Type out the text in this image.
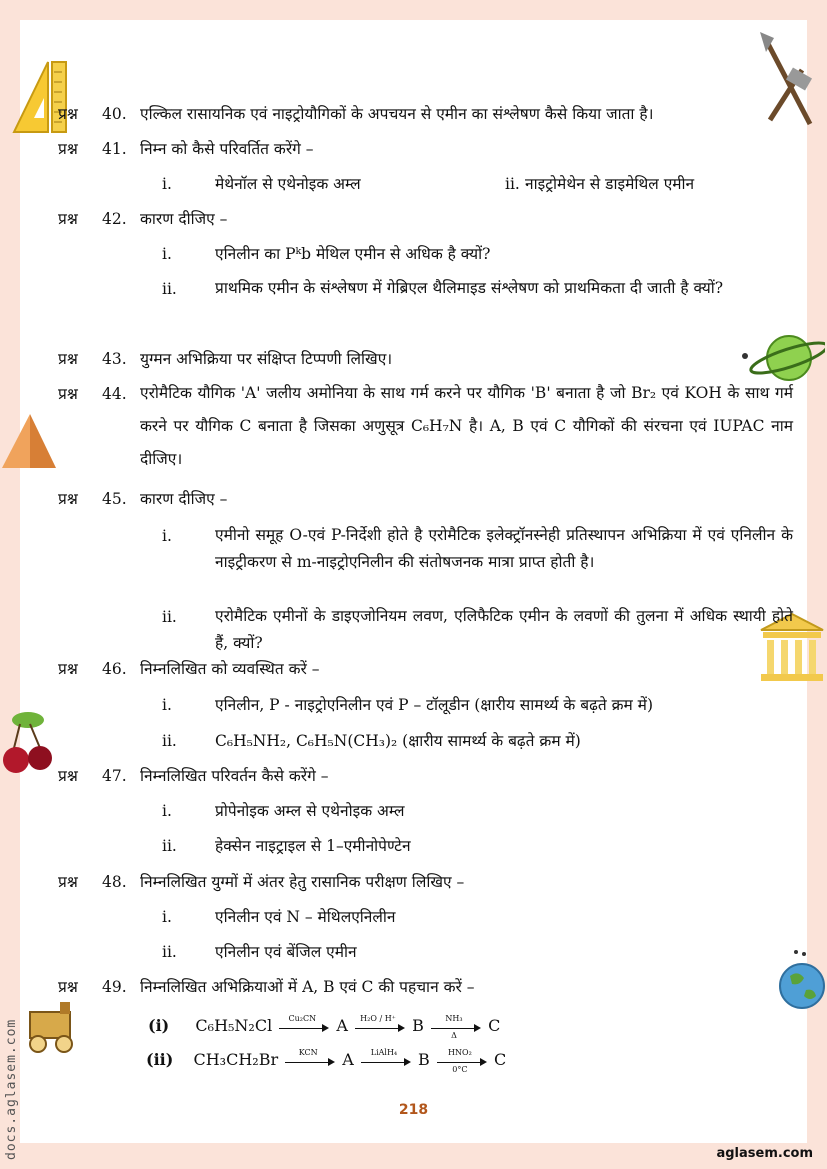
docs.aglasem.com
प्रश्न 40. एल्किल रासायनिक एवं नाइट्रोयौगिकों के अपचयन से एमीन का संश्लेषण कैसे किया जाता है।
प्रश्न 41. निम्न को कैसे परिवर्तित करेंगे –
i.	मेथेनॉल से एथेनोइक अम्ल	ii. नाइट्रोमेथेन से डाइमेथिल एमीन
प्रश्न 42. कारण दीजिए –
i.	एनिलीन का Pᵏb मेथिल एमीन से अधिक है क्यों?
ii. प्राथमिक एमीन के संश्लेषण में गेब्रिएल थैलिमाइड संश्लेषण को प्राथमिकता दी जाती है क्यों?
प्रश्न 43. युग्मन अभिक्रिया पर संक्षिप्त टिप्पणी लिखिए।
प्रश्न 44. एरोमैटिक यौगिक 'A' जलीय अमोनिया के साथ गर्म करने पर यौगिक 'B' बनाता है जो Br₂ एवं KOH के साथ गर्म करने पर यौगिक C बनाता है जिसका अणुसूत्र C₆H₇N है। A, B एवं C यौगिकों की संरचना एवं IUPAC नाम दीजिए।
प्रश्न 45. कारण दीजिए –
i.	एमीनो समूह O-एवं P-निर्देशी होते है एरोमैटिक इलेक्ट्रॉनस्नेही प्रतिस्थापन अभिक्रिया में एवं एनिलीन के नाइट्रीकरण से m-नाइट्रोएनिलीन की संतोषजनक मात्रा प्राप्त होती है।
ii. एरोमैटिक एमीनों के डाइएजोनियम लवण, एलिफैटिक एमीन के लवणों की तुलना में अधिक स्थायी होते हैं, क्यों?
प्रश्न 46. निम्नलिखित को व्यवस्थित करें –
i.	एनिलीन, P - नाइट्रोएनिलीन एवं P – टॉलूडीन (क्षारीय सामर्थ्य के बढ़ते क्रम में)
ii. C₆H₅NH₂, C₆H₅N(CH₃)₂ (क्षारीय सामर्थ्य के बढ़ते क्रम में)
प्रश्न 47. निम्नलिखित परिवर्तन कैसे करेंगे –
i.	प्रोपेनोइक अम्ल से एथेनोइक अम्ल
ii. हेक्सेन नाइट्राइल से 1–एमीनोपेण्टेन
प्रश्न 48. निम्नलिखित युग्मों में अंतर हेतु रासानिक परीक्षण लिखिए –
i.	एनिलीन एवं N – मेथिलएनिलीन
ii. एनिलीन एवं बेंजिल एमीन
प्रश्न 49. निम्नलिखित अभिक्रियाओं में A, B एवं C की पहचान करें –
(i) C₆H₅N₂Cl	Cu₂CN	A	H₂O / H⁺	B $\frac{\text{NH₃}}{\Delta}$ C
(ii) CH₃CH₂Br	KCN	A	LiAlH₄	B	HNO₂
0°C	C
218
aglasem.com
